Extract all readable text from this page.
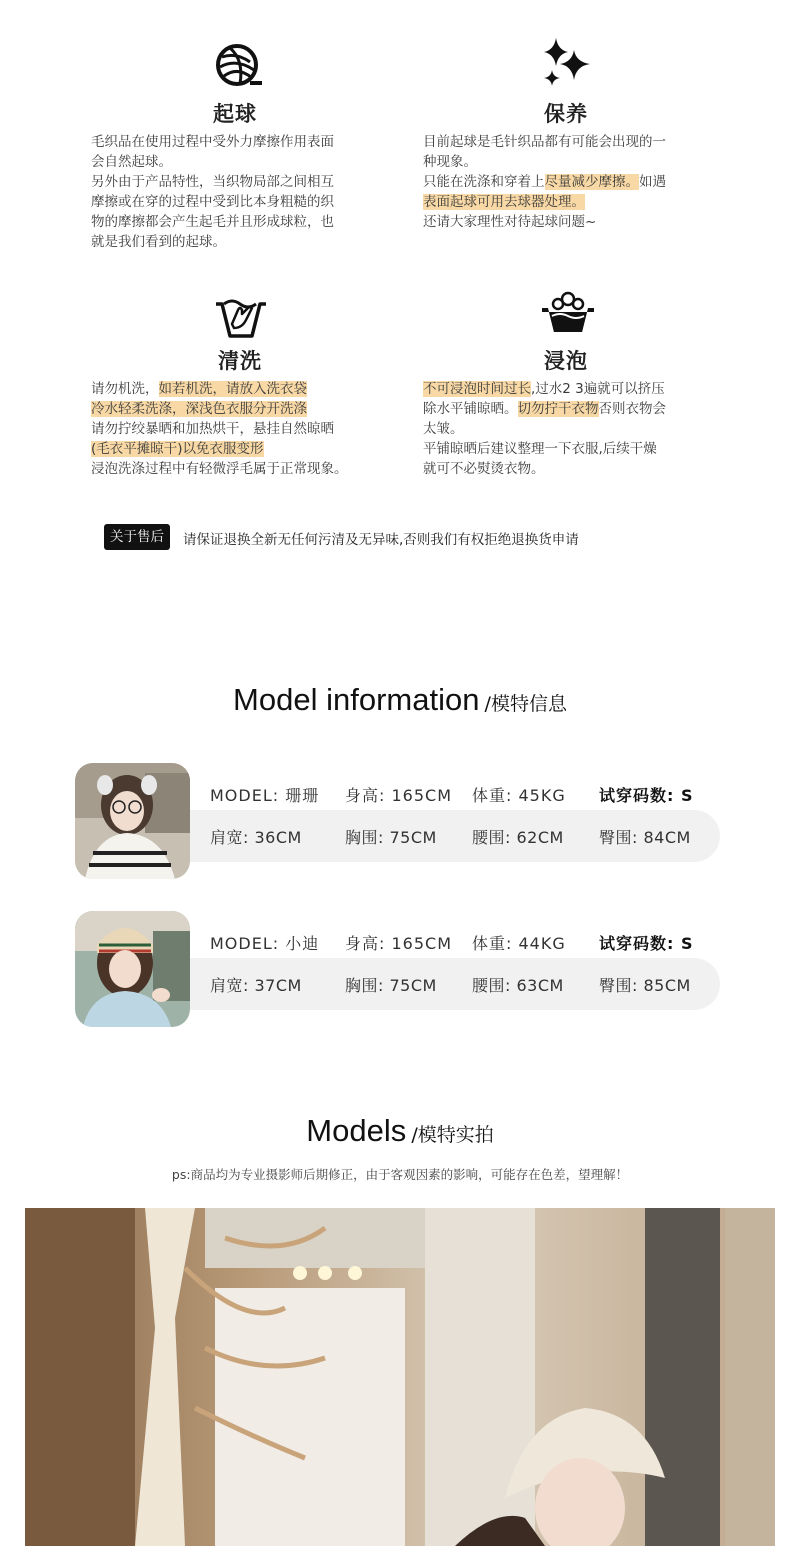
起球

毛织品在使用过程中受外力摩擦作用表面

会自然起球。

另外由于产品特性，当织物局部之间相互

摩擦或在穿的过程中受到比本身粗糙的织

物的摩擦都会产生起毛并且形成球粒，也

就是我们看到的起球。

保养

目前起球是毛针织品都有可能会出现的一

种现象。

只能在洗涤和穿着上尽量减少摩擦。如遇

表面起球可用去球器处理。

还请大家理性对待起球问题~

清洗

请勿机洗，如若机洗，请放入洗衣袋

冷水轻柔洗涤，深浅色衣服分开洗涤

请勿拧绞暴晒和加热烘干，悬挂自然晾晒

(毛衣平摊晾干)以免衣服变形

浸泡洗涤过程中有轻微浮毛属于正常现象。

浸泡

不可浸泡时间过长,过水2 3遍就可以挤压

除水平铺晾晒。切勿拧干衣物否则衣物会

太皱。

平铺晾晒后建议整理一下衣服,后续干燥

就可不必熨烫衣物。

关于售后	请保证退换全新无任何污清及无异味,否则我们有权拒绝退换货申请
Model information /模特信息
MODEL: 珊珊 身高: 165CM 体重: 45KG 试穿码数: S
肩宽: 36CM	胸围: 75CM 腰围: 62CM 臀围: 84CM
MODEL: 小迪 身高: 165CM 体重: 44KG 试穿码数: S
肩宽: 37CM	胸围: 75CM 腰围: 63CM 臀围: 85CM
Models /模特实拍
ps:商品均为专业摄影师后期修正，由于客观因素的影响，可能存在色差，望理解！
